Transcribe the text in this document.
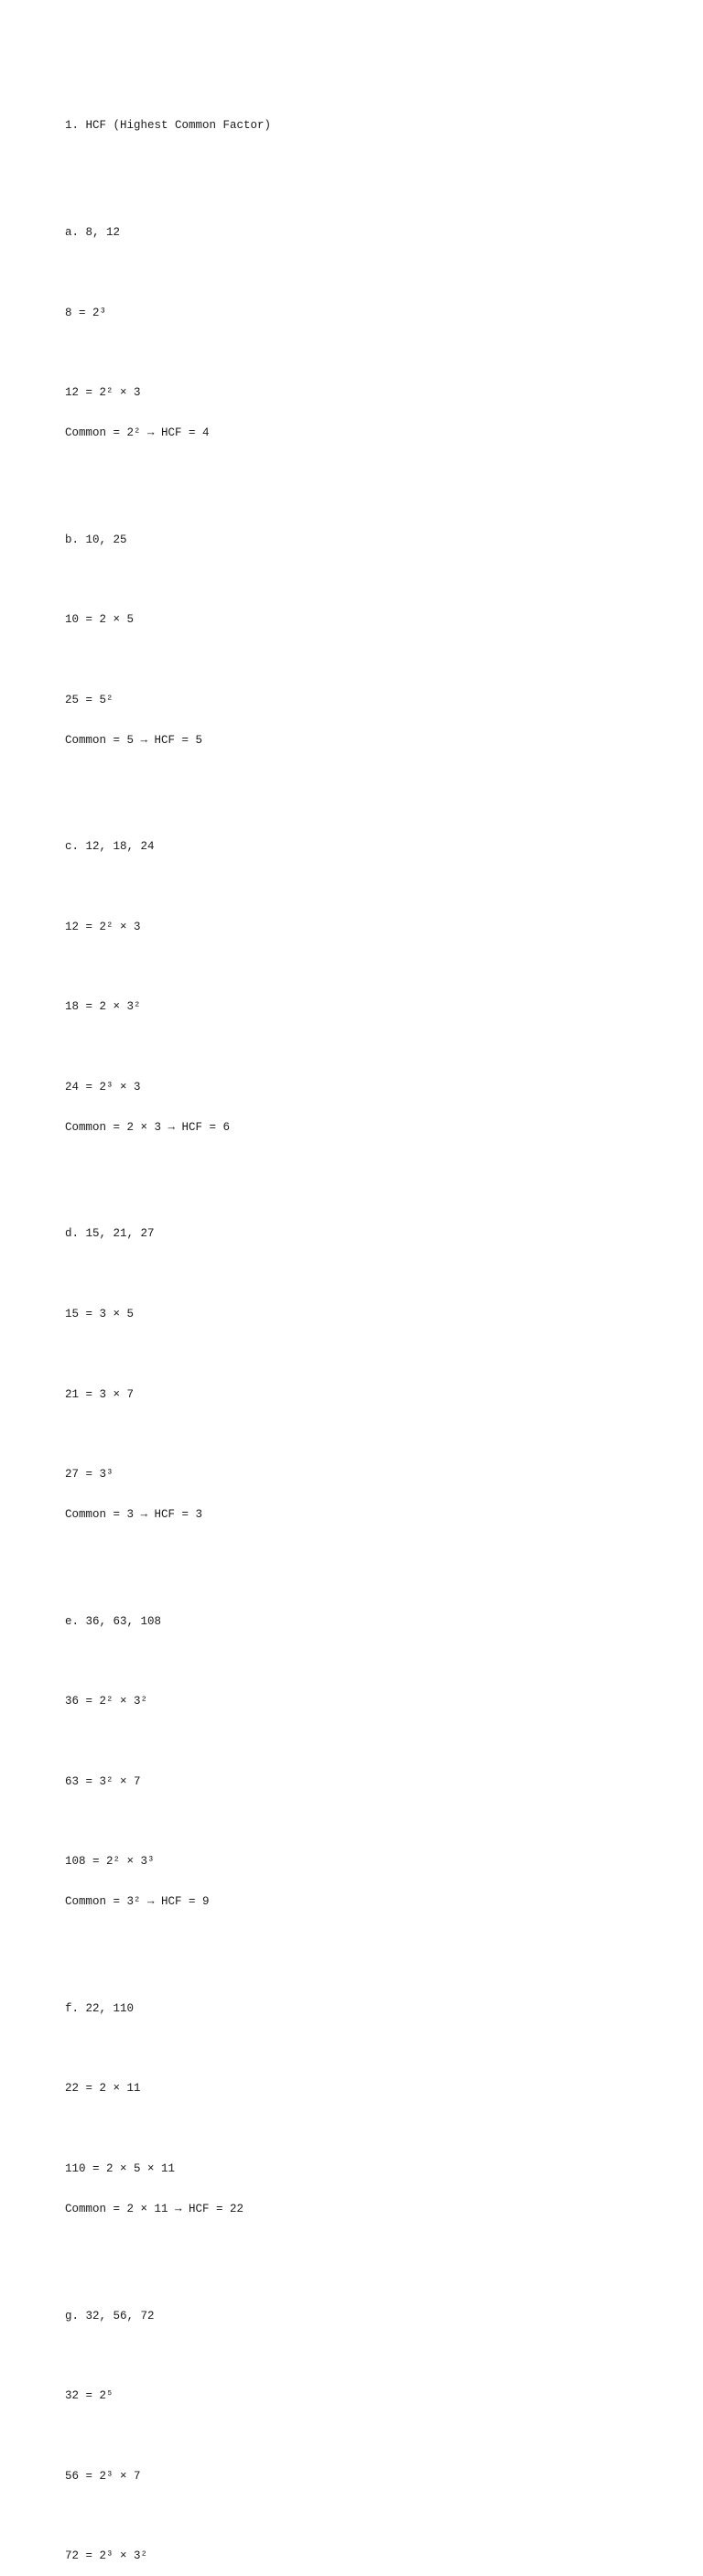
1. HCF (Highest Common Factor)

a. 8, 12

8 = 2³

12 = 2² × 3

Common = 2² → HCF = 4

b. 10, 25

10 = 2 × 5

25 = 5²

Common = 5 → HCF = 5

c. 12, 18, 24

12 = 2² × 3

18 = 2 × 3²

24 = 2³ × 3

Common = 2 × 3 → HCF = 6

d. 15, 21, 27

15 = 3 × 5

21 = 3 × 7

27 = 3³

Common = 3 → HCF = 3

e. 36, 63, 108

36 = 2² × 3²

63 = 3² × 7

108 = 2² × 3³

Common = 3² → HCF = 9

f. 22, 110

22 = 2 × 11

110 = 2 × 5 × 11

Common = 2 × 11 → HCF = 22

g. 32, 56, 72

32 = 2⁵

56 = 2³ × 7

72 = 2³ × 3²
